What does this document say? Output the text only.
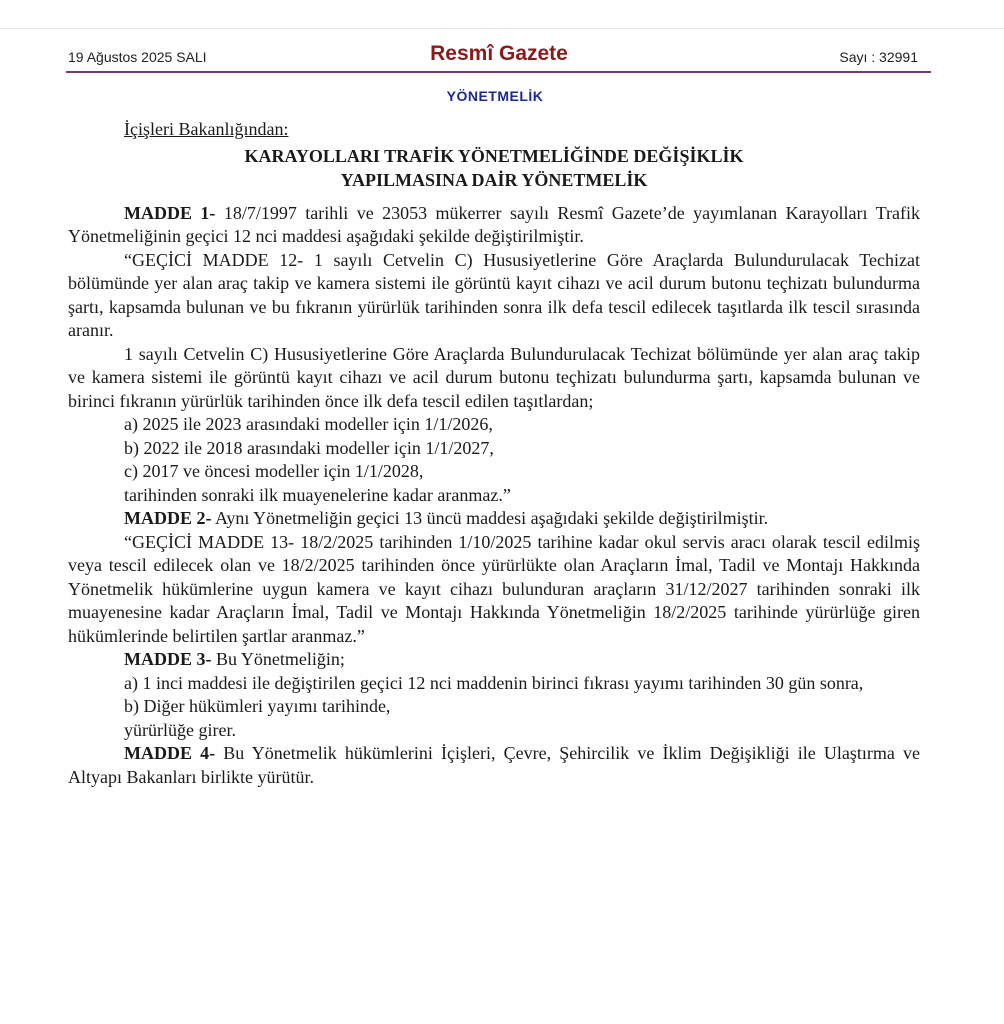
19 Ağustos 2025 SALI	Resmî Gazete	Sayı : 32991
YÖNETMELİK
İçişleri Bakanlığından:
KARAYOLLARI TRAFİK YÖNETMELİĞİNDE DEĞİŞİKLİK
YAPILMASINA DAİR YÖNETMELİK

MADDE 1- 18/7/1997 tarihli ve 23053 mükerrer sayılı Resmî Gazete’de yayımlanan Karayolları Trafik Yönetmeliğinin geçici 12 nci maddesi aşağıdaki şekilde değiştirilmiştir.

“GEÇİCİ MADDE 12- 1 sayılı Cetvelin C) Hususiyetlerine Göre Araçlarda Bulundurulacak Techizat bölümünde yer alan araç takip ve kamera sistemi ile görüntü kayıt cihazı ve acil durum butonu teçhizatı bulundurma şartı, kapsamda bulunan ve bu fıkranın yürürlük tarihinden sonra ilk defa tescil edilecek taşıtlarda ilk tescil sırasında aranır.

1 sayılı Cetvelin C) Hususiyetlerine Göre Araçlarda Bulundurulacak Techizat bölümünde yer alan araç takip ve kamera sistemi ile görüntü kayıt cihazı ve acil durum butonu teçhizatı bulundurma şartı, kapsamda bulunan ve birinci fıkranın yürürlük tarihinden önce ilk defa tescil edilen taşıtlardan;

a) 2025 ile 2023 arasındaki modeller için 1/1/2026,

b) 2022 ile 2018 arasındaki modeller için 1/1/2027,

c) 2017 ve öncesi modeller için 1/1/2028,

tarihinden sonraki ilk muayenelerine kadar aranmaz.”

MADDE 2- Aynı Yönetmeliğin geçici 13 üncü maddesi aşağıdaki şekilde değiştirilmiştir.

“GEÇİCİ MADDE 13- 18/2/2025 tarihinden 1/10/2025 tarihine kadar okul servis aracı olarak tescil edilmiş veya tescil edilecek olan ve 18/2/2025 tarihinden önce yürürlükte olan Araçların İmal, Tadil ve Montajı Hakkında Yönetmelik hükümlerine uygun kamera ve kayıt cihazı bulunduran araçların 31/12/2027 tarihinden sonraki ilk muayenesine kadar Araçların İmal, Tadil ve Montajı Hakkında Yönetmeliğin 18/2/2025 tarihinde yürürlüğe giren hükümlerinde belirtilen şartlar aranmaz.”

MADDE 3- Bu Yönetmeliğin;

a) 1 inci maddesi ile değiştirilen geçici 12 nci maddenin birinci fıkrası yayımı tarihinden 30 gün sonra,

b) Diğer hükümleri yayımı tarihinde,

yürürlüğe girer.

MADDE 4- Bu Yönetmelik hükümlerini İçişleri, Çevre, Şehircilik ve İklim Değişikliği ile Ulaştırma ve Altyapı Bakanları birlikte yürütür.
